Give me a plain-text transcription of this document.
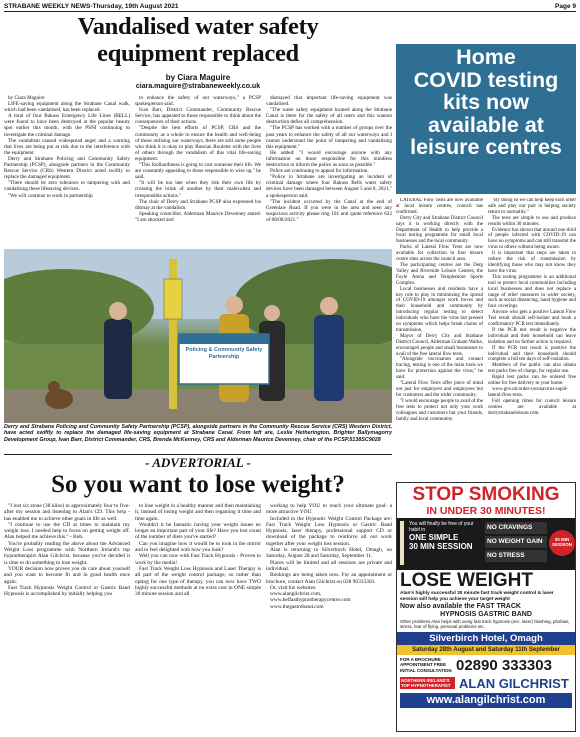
STRABANE WEEKLY NEWS-Thursday, 19th August 2021	Page 9
Vandalised water safety
equipment replaced
by Ciara Maguire
ciara.maguire@strabaneweekly.co.uk

by Ciara Maguire

LIFE-saving equipment along the Strabane Canal walk, which had been vandalised, has been replaced.

A total of four Bakuss Emergency Life Lines (BELL) were found to have been destroyed at the popular beauty spot earlier this month, with the PSNI continuing to investigate the criminal damage.

The vandalism caused widespread anger and a warning that lives are being put at risk due to the interference with the equipment.

Derry and Strabane Policing and Community Safety Partnership (PCSP), alongside partners in the Community Rescue Service (CRS) Western District acted swiftly to replace the damaged equipment.

"There should be zero tolerance to tampering with and vandalising these lifesaving devices.

"We will continue to work in partnership

to enhance the safety of our waterways," a PCSP spokesperson said.

Ivan Barr, District Commander, Community Rescue Service, has appealed to those responsible to think about the consequences of their actions.

"Despite the best efforts of PCSP, CRS and the community as a whole to ensure the health and well-being of those utilising our waterways, there are still some people who think it is okay to play Russian Roulette with the lives of others through the vandalism of this vital life-saving equipment.

"This foolhardiness is going to cost someone their life. We are constantly appealing to those responsible to wise up," he said.

"It will be too late when they risk their own life by crossing the brink of another by their malevolent and irresponsible actions."

The chair of Derry and Strabane PCSP also expressed his dismay at the vandalism.

Speaking councillor, Alderman Maurice Devenney stated: "I am shocked and

dismayed that important life-saving equipment was vandalised.

"The water safety equipment located along the Strabane Canal is there for the safety of all users and this wanton destruction defies all comprehension.

"The PCSP has worked with a number of groups over the past years to enhance the safety of all our waterways and I cannot understand the point of tampering and vandalising this equipment."

He added: "I would encourage anyone with any information on those responsible for this mindless destruction to inform the police as soon as possible."

Police are continuing to appeal for information.

"Police in Strabane are investigating an incident of criminal damage where four Bakuss Bells water safety devices have been damaged between August 5 and 8, 2021," a spokesperson said.

"The incident occurred by the Canal at the end of Greenlaw Road. If you were in the area and seen any suspicious activity please ring 101 and quote reference 622 of 08/08/2021."

Policing & Community Safety Partnership
Derry and Strabane Policing and Community Safety Partnership (PCSP), alongside partners in the Community Rescue Service (CRS) Western District, have acted swiftly to replace the damaged life-saving equipment at Strabane Canal. From left are, Leslie Hetherington, Brighter Ballymagorry Development Group, Ivan Barr, District Commander, CRS, Brenda McKenney, CRS and Alderman Maurice Devenney, chair of the PCSP.5138SC9028
Home
COVID testing
kits now
available at
leisure centres

LATERAL Flow Tests are now available at local leisure centres, council has confirmed.

Derry City and Strabane District Council says it is working directly with the Department of Health to help provide a local testing programme for small local businesses and the local community.

Packs of Lateral Flow Tests are now available for collection in four leisure centre sites across the council area.

The participating centres are the Derg Valley and Riverside Leisure Centres, the Foyle Arena and Templemore Sports Complex.

Local businesses and residents have a key role to play in minimising the spread of COVID-19 amongst work forces and their household and community by introducing regular testing to detect individuals who have the virus but present no symptoms which helps break chains of transmission.

Mayor of Derry City and Strabane District Council, Alderman Graham Warke, encouraged people and small businesses to avail of the free lateral flow tests.

"Alongside vaccination and contact tracing, testing is one of the main tools we have for protection against the virus," he said.

"Lateral Flow Tests offer piece of mind not just for employers and employees but for customers and the wider community.

"I would encourage people to avail of the free tests to protect not only your work colleagues and customers but your friends, family and local community.

"By doing so we can help keep each other safe and play our part in helping society return to normality."

The tests are simple to use and produce results within 30 minutes.

Evidence has shown that around one third of people infected with COVID-19 can have no symptoms and can still transmit the virus to others without being aware.

It is important that steps are taken to reduce the risk of transmission by identifying those who may not know they have the virus.

This testing programme is an additional tool to protect local communities including local businesses and does not replace a range of other measures in wider society, such as social distancing, hand hygiene and face coverings.

Anyone who gets a positive Lateral Flow Test result should self-isolate and book a confirmatory PCR test immediately.

If the PCR test result is negative the individual and their household can leave isolation and no further action is required.

If the PCR test result is positive the individual and their household should complete a full ten days of self-isolation.

Members of the public can also obtain test packs free of charge, for regular use.

Rapid test packs can be ordered free online for free delivery to your home:

www.gov.uk/order-coronavirus-rapid-lateral-flow-tests.

Full opening times for council leisure centres are available at derrystrabaneleisure.com.

- ADVERTORIAL -
So you want to lose weight?

"I lost six stone (38 kilos) in approximately four to five-after my session and listening to Alan's CD. This help - has enabled me to achieve other goals in life as well.

"I continue to use the CD at times to maintain my weight loss. I needed help to focus on getting weight off. Alan helped me achieve this." - Bob.

You're probably reading the above about the Advanced Weight Loss programme with Northern Ireland's top hypnotherapist Alan Gilchrist, because you've decided it is time to do something to lose weight.

YOUR decision now proves you do care about yourself and you want to become fit and in good health once again.

Fast Track Hypnosis Weight Control or Gastric Band Hypnosis is accomplished by initially helping you

to lose weight in a healthy manner and then maintaining it, instead of losing weight and then regaining it time and time again.

Wouldn't it be fantastic having your weight issues no longer an important part of your life? Have you lost count of the number of diets you've started?

Can you imagine how it would be to look in the mirror and to feel delighted with how you look?

Well you can now with Fast Track Hypnosis - Proven to work by the media!

Fast Track Weight Loss Hypnosis and Laser Therapy is all part of the weight control package, so rather than opting for one type of therapy, you can now have TWO highly successful methods at no extra cost in ONE simple 30 minute session and all

working to help YOU to reach your ultimate goal- a more attractive YOU.

Included in the Hypnotic Weight Control Package are: Fast Track Weight Loss Hypnosis or Gastric Band Hypnosis, laser therapy, professional support CD or download of the package to reinforce all our work together after your weight loss session.

Alan is returning to Silverbirch Hotel, Omagh, on Saturday, August 28 and Saturday, September 11.

Places will be limited and all sessions are private and individual.

Bookings are being taken now. For an appointment or brochure, contact Alan Gilchrist on 028 90333303.

Or, visit his websites:

www.alangilchrist.com,

www.belfasthypnotherapycentre.com

www.thegastroband.com

STOP SMOKING
IN UNDER 30 MINUTES!
You will finally be free of your habit in
ONE SIMPLE
30 MIN SESSION
NO CRAVINGS
NO WEIGHT GAIN
NO STRESS
30 MIN SESSION
LOSE WEIGHT
Alan's highly successful 30 minute fast track weight control & laser session will help you achieve your target weight
Now also available the FAST TRACK
HYPNOSIS GASTRIC BAND
Other problems Alan helps with using fast track hypnosis (exc. laser) blushing, phobias, stress, fear of flying, personal problems etc.
Silverbirch Hotel, Omagh
Saturday 28th August and Saturday 11th September
FOR A BROCHURE APPOINTMENT FREE INITIAL CONSULTATION 02890 333303
NORTHERN IRELAND'S TOP HYPNOTHERAPIST ALAN GILCHRIST
www.alangilchrist.com
